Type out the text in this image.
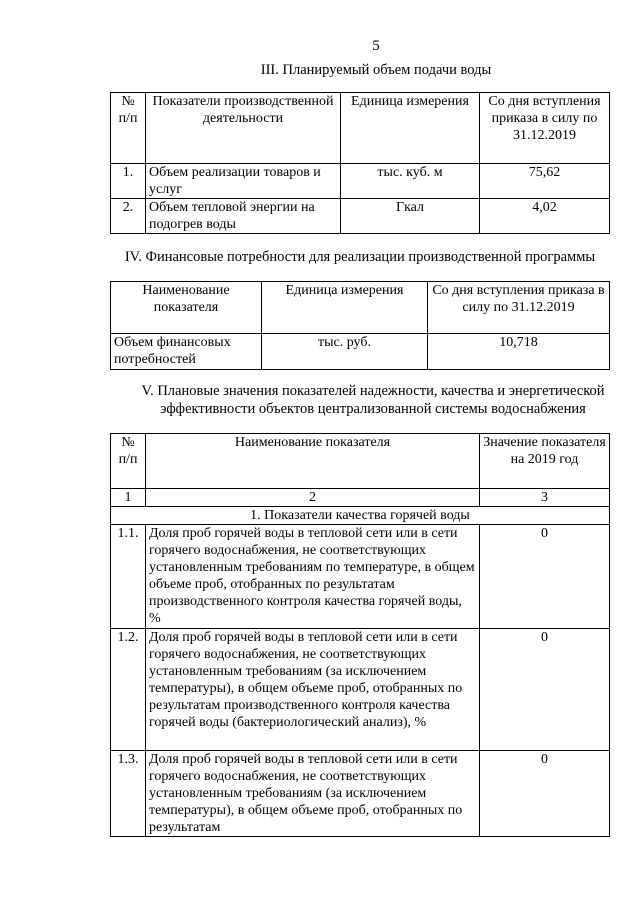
5
III. Планируемый объем подачи воды
№ п/п	Показатели производственной деятельности	Единица измерения	Со дня вступления приказа в силу по 31.12.2019
1.	Объем реализации товаров и услуг	тыс. куб. м	75,62
2.	Объем тепловой энергии на подогрев воды	Гкал	4,02
IV. Финансовые потребности для реализации производственной программы
Наименование показателя	Единица измерения	Со дня вступления приказа в силу по 31.12.2019
Объем финансовых потребностей	тыс. руб.	10,718
V. Плановые значения показателей надежности, качества и энергетической
эффективности объектов централизованной системы водоснабжения
№ п/п	Наименование показателя	Значение показателя на 2019 год
1	2	3
1. Показатели качества горячей воды		
1.1.	Доля проб горячей воды в тепловой сети или в сети горячего водоснабжения, не соответствующих установленным требованиям по температуре, в общем объеме проб, отобранных по результатам производственного контроля качества горячей воды, %	0
1.2.	Доля проб горячей воды в тепловой сети или в сети горячего водоснабжения, не соответствующих установленным требованиям (за исключением температуры), в общем объеме проб, отобранных по результатам производственного контроля качества горячей воды (бактериологический анализ), %	0
1.3.	Доля проб горячей воды в тепловой сети или в сети горячего водоснабжения, не соответствующих установленным требованиям (за исключением температуры), в общем объеме проб, отобранных по результатам	0
